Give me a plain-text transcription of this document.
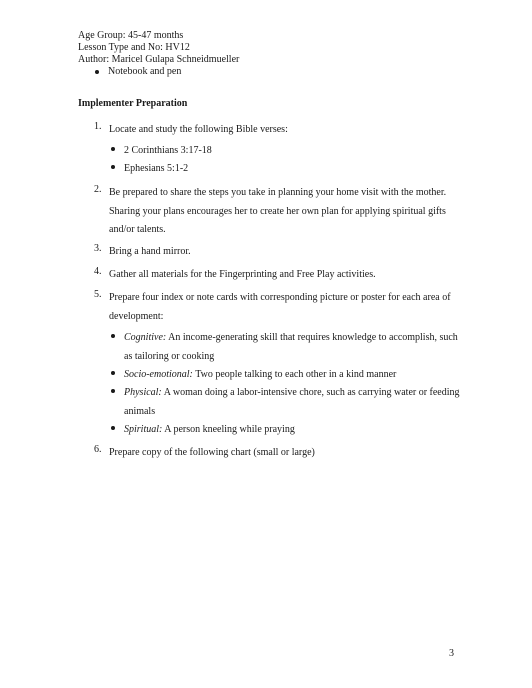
Age Group: 45-47 months
Lesson Type and No: HV12
Author: Maricel Gulapa Schneidmueller
Notebook and pen
Implementer Preparation
1. Locate and study the following Bible verses:
2 Corinthians 3:17-18
Ephesians 5:1-2
2. Be prepared to share the steps you take in planning your home visit with the mother. Sharing your plans encourages her to create her own plan for applying spiritual gifts and/or talents.
3. Bring a hand mirror.
4. Gather all materials for the Fingerprinting and Free Play activities.
5. Prepare four index or note cards with corresponding picture or poster for each area of development:
Cognitive: An income-generating skill that requires knowledge to accomplish, such as tailoring or cooking
Socio-emotional: Two people talking to each other in a kind manner
Physical: A woman doing a labor-intensive chore, such as carrying water or feeding animals
Spiritual: A person kneeling while praying
6. Prepare copy of the following chart (small or large)
3
